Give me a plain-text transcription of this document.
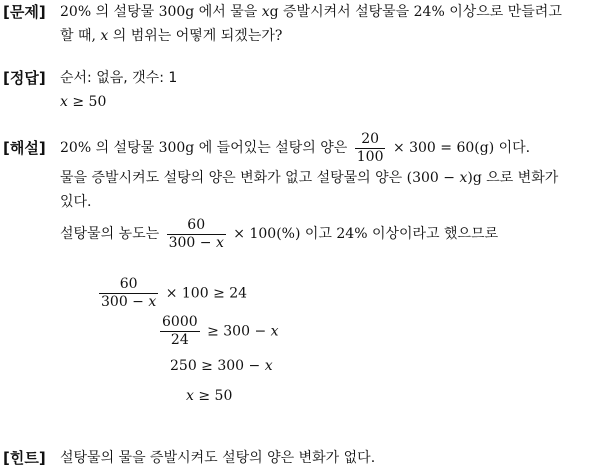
[문제] 20% 의 설탕물 300g 에서 물을 xg 증발시켜서 설탕물을 24% 이상으로 만들려고
할 때, x 의 범위는 어떻게 되겠는가?
[정답] 순서: 없음, 갯수: 1
x ≥ 50
[해설] 20% 의 설탕물 300g 에 들어있는 설탕의 양은 $\frac{20}{100} \times 300 = 60(g)$ 이다.
물을 증발시켜도 설탕의 양은 변화가 없고 설탕물의 양은 (300 − x)g 으로 변화가
있다.
설탕물의 농도는 $\frac{60}{300 - x} \times 100(\%)$ 이고 24% 이상이라고 했으므로
$\frac{60}{300 - x} \times 100 \ge 24$
$\frac{6000}{24} \ge 300 - x$
250 ≥ 300 − x
x ≥ 50
[힌트] 설탕물의 물을 증발시켜도 설탕의 양은 변화가 없다.
